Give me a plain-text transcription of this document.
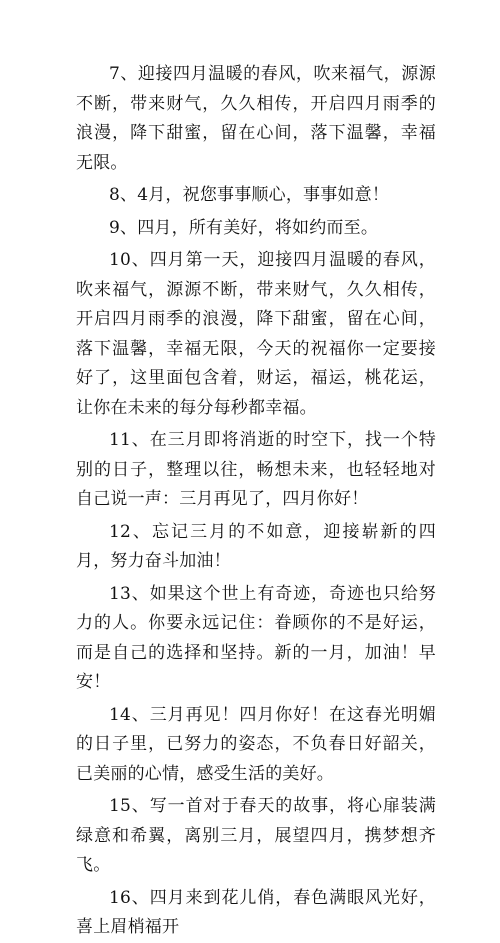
7、迎接四月温暖的春风，吹来福气，源源不断，带来财气，久久相传，开启四月雨季的浪漫，降下甜蜜，留在心间，落下温馨，幸福无限。

8、4月，祝您事事顺心，事事如意！

9、四月，所有美好，将如约而至。

10、四月第一天，迎接四月温暖的春风，吹来福气，源源不断，带来财气，久久相传，开启四月雨季的浪漫，降下甜蜜，留在心间，落下温馨，幸福无限，今天的祝福你一定要接好了，这里面包含着，财运，福运，桃花运，让你在未来的每分每秒都幸福。

11、在三月即将消逝的时空下，找一个特别的日子，整理以往，畅想未来，也轻轻地对自己说一声：三月再见了，四月你好！

12、忘记三月的不如意，迎接崭新的四月，努力奋斗加油！

13、如果这个世上有奇迹，奇迹也只给努力的人。你要永远记住：眷顾你的不是好运，而是自己的选择和坚持。新的一月，加油！早安！

14、三月再见！四月你好！在这春光明媚的日子里，已努力的姿态，不负春日好韶关，已美丽的心情，感受生活的美好。

15、写一首对于春天的故事，将心扉装满绿意和希翼，离别三月，展望四月，携梦想齐飞。

16、四月来到花儿俏，春色满眼风光好，喜上眉梢福开
